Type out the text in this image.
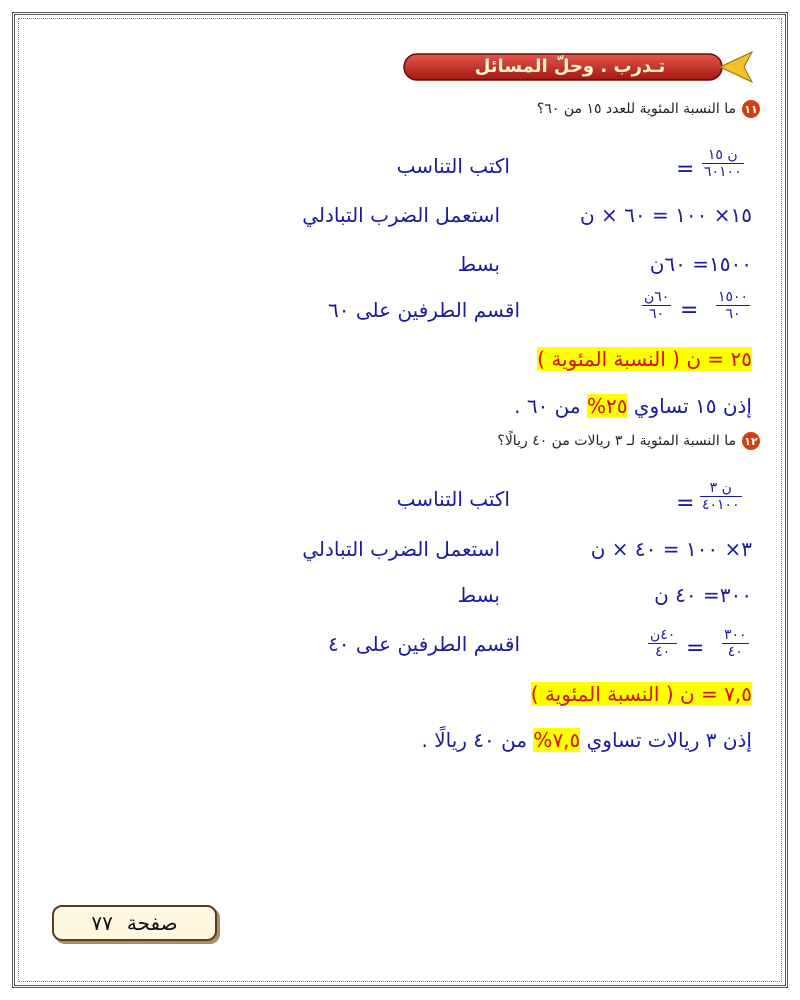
تـدرب . وحلّ المسائل
١١
ما النسبة المئوية للعدد ١٥ من ٦٠؟
ن ١٥
٦٠١٠٠
=
اكتب التناسب
١٥× ١٠٠ = ٦٠ × ن
استعمل الضرب التبادلي
١٥٠٠= ٦٠ن
بسط
١٥٠٠
٦٠
=
٦٠ن
٦٠
اقسم الطرفين على ٦٠
٢٥ = ن ( النسبة المئوية )
إذن ١٥ تساوي ٢٥% من ٦٠ .
١٢
ما النسبة المئوية لـ ٣ ريالات من ٤٠ ريالًا؟
ن ٣
٤٠١٠٠
=
اكتب التناسب
٣× ١٠٠ = ٤٠ × ن
استعمل الضرب التبادلي
٣٠٠= ٤٠ ن
بسط
٣٠٠
٤٠
=
٤٠ن
٤٠
اقسم الطرفين على ٤٠
٧,٥ = ن ( النسبة المئوية )
إذن ٣ ريالات تساوي ٧,٥% من ٤٠ ريالًا .
صفحة
٧٧
